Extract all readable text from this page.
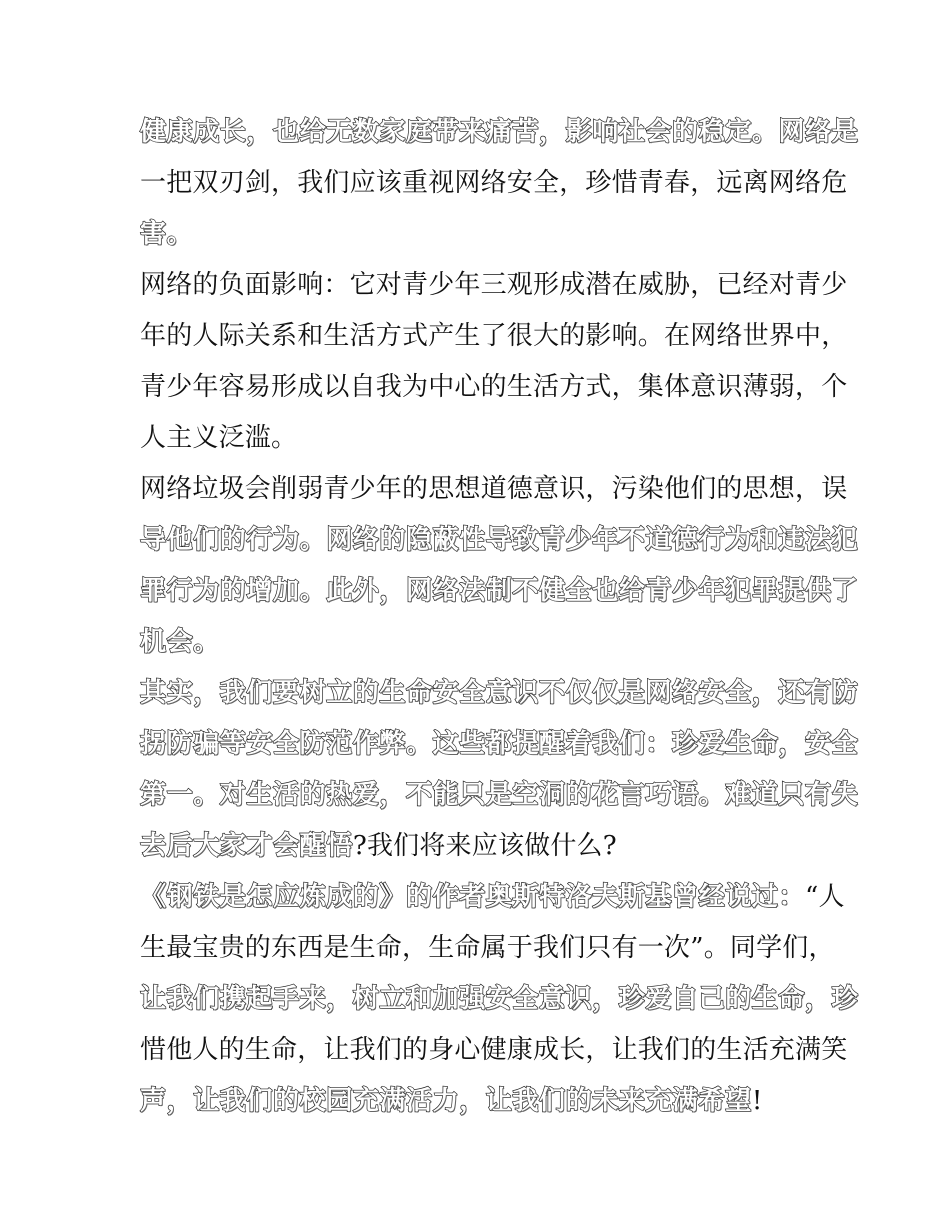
健康成长，也给无数家庭带来痛苦，影响社会的稳定。网络是
一把双刃剑，我们应该重视网络安全，珍惜青春，远离网络危
害。
网络的负面影响：它对青少年三观形成潜在威胁，已经对青少
年的人际关系和生活方式产生了很大的影响。在网络世界中，
青少年容易形成以自我为中心的生活方式，集体意识薄弱，个
人主义泛滥。
网络垃圾会削弱青少年的思想道德意识，污染他们的思想，误
导他们的行为。网络的隐蔽性导致青少年不道德行为和违法犯
罪行为的增加。此外，网络法制不健全也给青少年犯罪提供了
机会。
其实，我们要树立的生命安全意识不仅仅是网络安全，还有防
拐防骗等安全防范作弊。这些都提醒着我们：珍爱生命，安全
第一。对生活的热爱，不能只是空洞的花言巧语。难道只有失
去后大家才会醒悟?我们将来应该做什么?
《钢铁是怎应炼成的》的作者奥斯特洛夫斯基曾经说过：“人
生最宝贵的东西是生命，生命属于我们只有一次”。同学们，
让我们携起手来，树立和加强安全意识，珍爱自己的生命，珍
惜他人的生命，让我们的身心健康成长，让我们的生活充满笑
声，让我们的校园充满活力，让我们的未来充满希望!
